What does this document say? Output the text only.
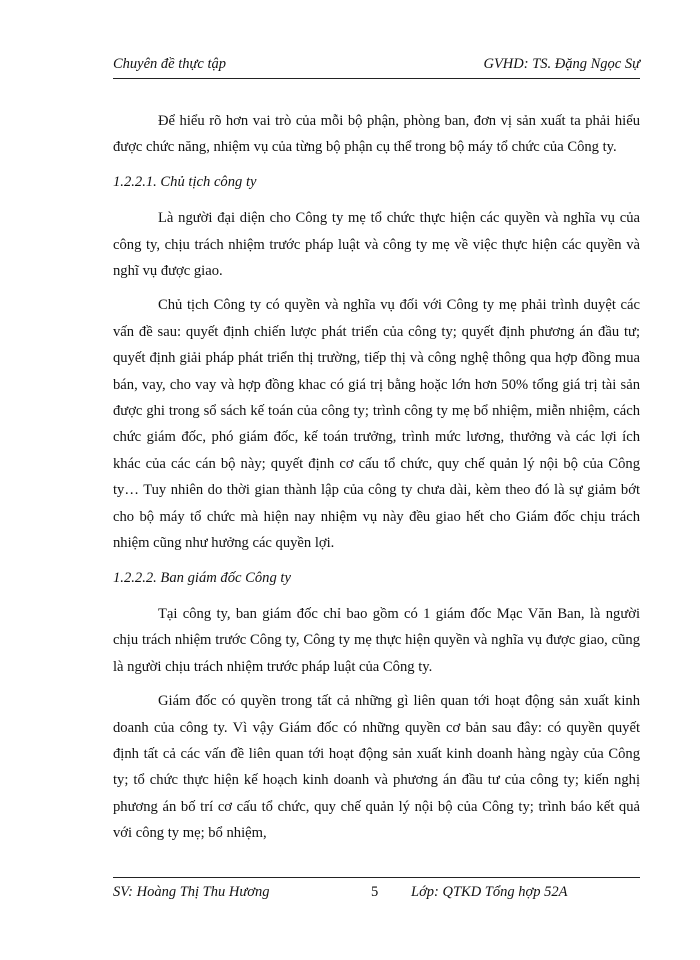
Chuyên đề thực tập	GVHD: TS. Đặng Ngọc Sự

Để hiểu rõ hơn vai trò của mỗi bộ phận, phòng ban, đơn vị sản xuất ta phải hiểu được chức năng, nhiệm vụ của từng bộ phận cụ thể trong bộ máy tổ chức của Công ty.

1.2.2.1. Chủ tịch công ty

Là người đại diện cho Công ty mẹ tổ chức thực hiện các quyền và nghĩa vụ của công ty, chịu trách nhiệm trước pháp luật và công ty mẹ về việc thực hiện các quyền và nghĩ vụ được giao.

Chủ tịch Công ty có quyền và nghĩa vụ đối với Công ty mẹ phải trình duyệt các vấn đề sau: quyết định chiến lược phát triển của công ty; quyết định phương án đầu tư; quyết định giải pháp phát triển thị trường, tiếp thị và công nghệ thông qua hợp đồng mua bán, vay, cho vay và hợp đồng khac có giá trị bằng hoặc lớn hơn 50% tổng giá trị tài sản được ghi trong sổ sách kế toán của công ty; trình công ty mẹ bổ nhiệm, miễn nhiệm, cách chức giám đốc, phó giám đốc, kế toán trưởng, trình mức lương, thưởng và các lợi ích khác của các cán bộ này; quyết định cơ cấu tổ chức, quy chế quản lý nội bộ của Công ty… Tuy nhiên do thời gian thành lập của công ty chưa dài, kèm theo đó là sự giảm bớt cho bộ máy tổ chức mà hiện nay nhiệm vụ này đều giao hết cho Giám đốc chịu trách nhiệm cũng như hưởng các quyền lợi.

1.2.2.2. Ban giám đốc Công ty

Tại công ty, ban giám đốc chỉ bao gồm có 1 giám đốc Mạc Văn Ban, là người chịu trách nhiệm trước Công ty, Công ty mẹ thực hiện quyền và nghĩa vụ được giao, cũng là người chịu trách nhiệm trước pháp luật của Công ty.

Giám đốc có quyền trong tất cả những gì liên quan tới hoạt động sản xuất kinh doanh của công ty. Vì vậy Giám đốc có những quyền cơ bản sau đây: có quyền quyết định tất cả các vấn đề liên quan tới hoạt động sản xuất kinh doanh hàng ngày của Công ty; tổ chức thực hiện kế hoạch kinh doanh và phương án đầu tư của công ty; kiến nghị phương án bố trí cơ cấu tổ chức, quy chế quản lý nội bộ của Công ty; trình báo kết quả với công ty mẹ; bổ nhiệm,

SV: Hoàng Thị Thu Hương	5 Lớp: QTKD Tổng hợp 52A
